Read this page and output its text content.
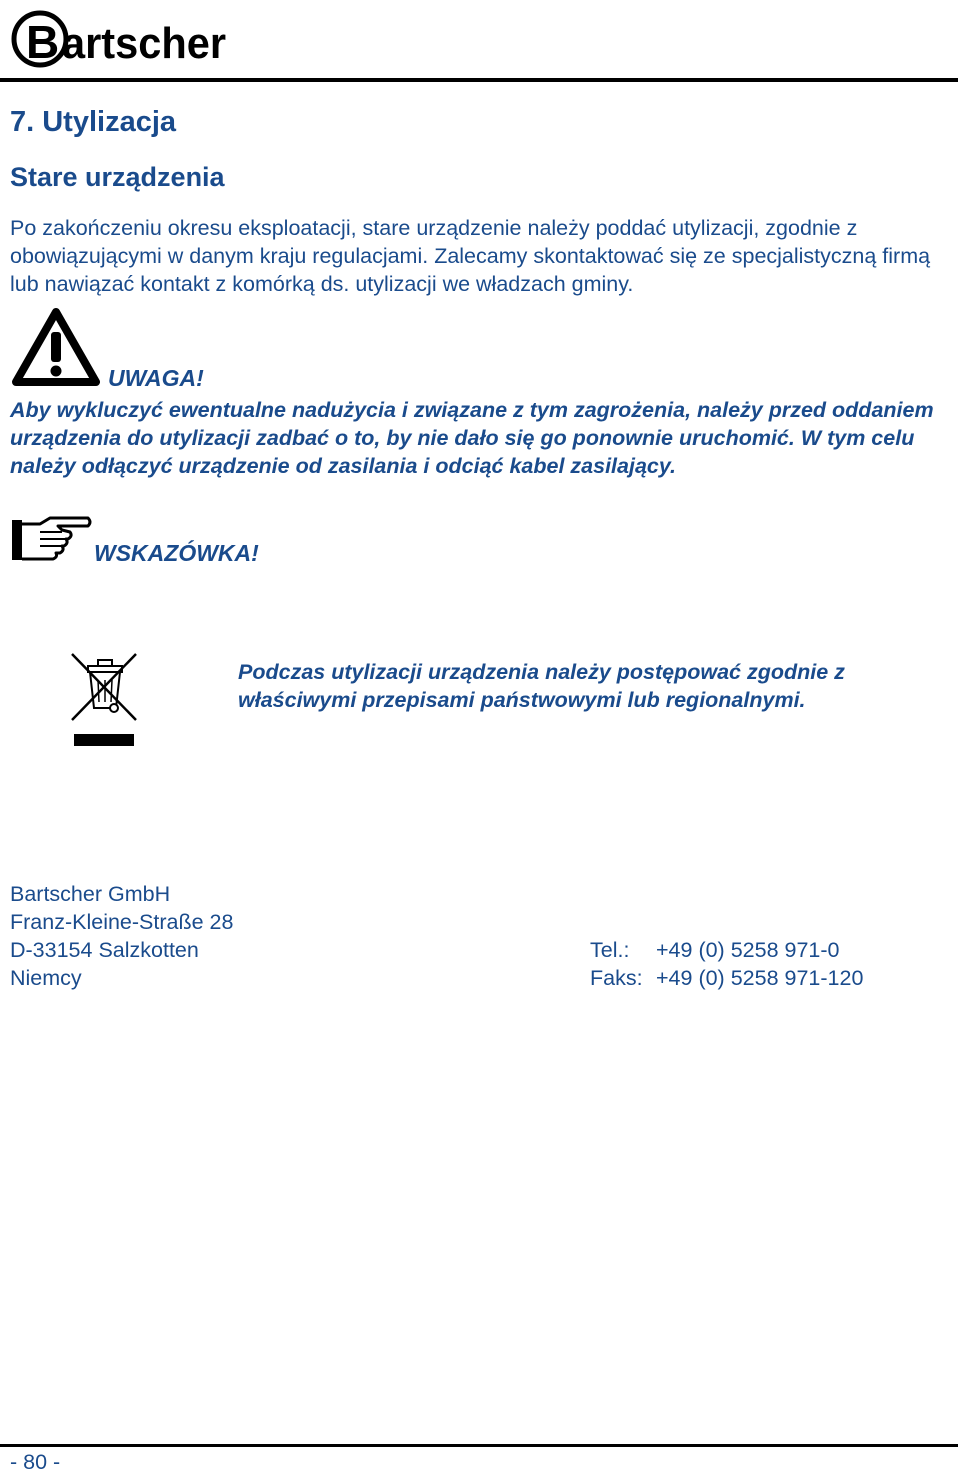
B artscher
7. Utylizacja
Stare urządzenia
Po zakończeniu okresu eksploatacji, stare urządzenie należy poddać utylizacji, zgodnie z obowiązującymi w danym kraju regulacjami. Zalecamy skontaktować się ze specjalistyczną firmą lub nawiązać kontakt z komórką ds. utylizacji we władzach gminy.
UWAGA!
Aby wykluczyć ewentualne nadużycia i związane z tym zagrożenia, należy przed oddaniem urządzenia do utylizacji zadbać o to, by nie dało się go ponownie uruchomić. W tym celu należy odłączyć urządzenie od zasilania i odciąć kabel zasilający.
WSKAZÓWKA!
Podczas utylizacji urządzenia należy postępować zgodnie z właściwymi przepisami państwowymi lub regionalnymi.
Bartscher GmbH
Franz-Kleine-Straße 28
D-33154 Salzkotten
Niemcy
Tel.:	+49 (0) 5258 971-0
Faks: +49 (0) 5258 971-120
- 80 -
